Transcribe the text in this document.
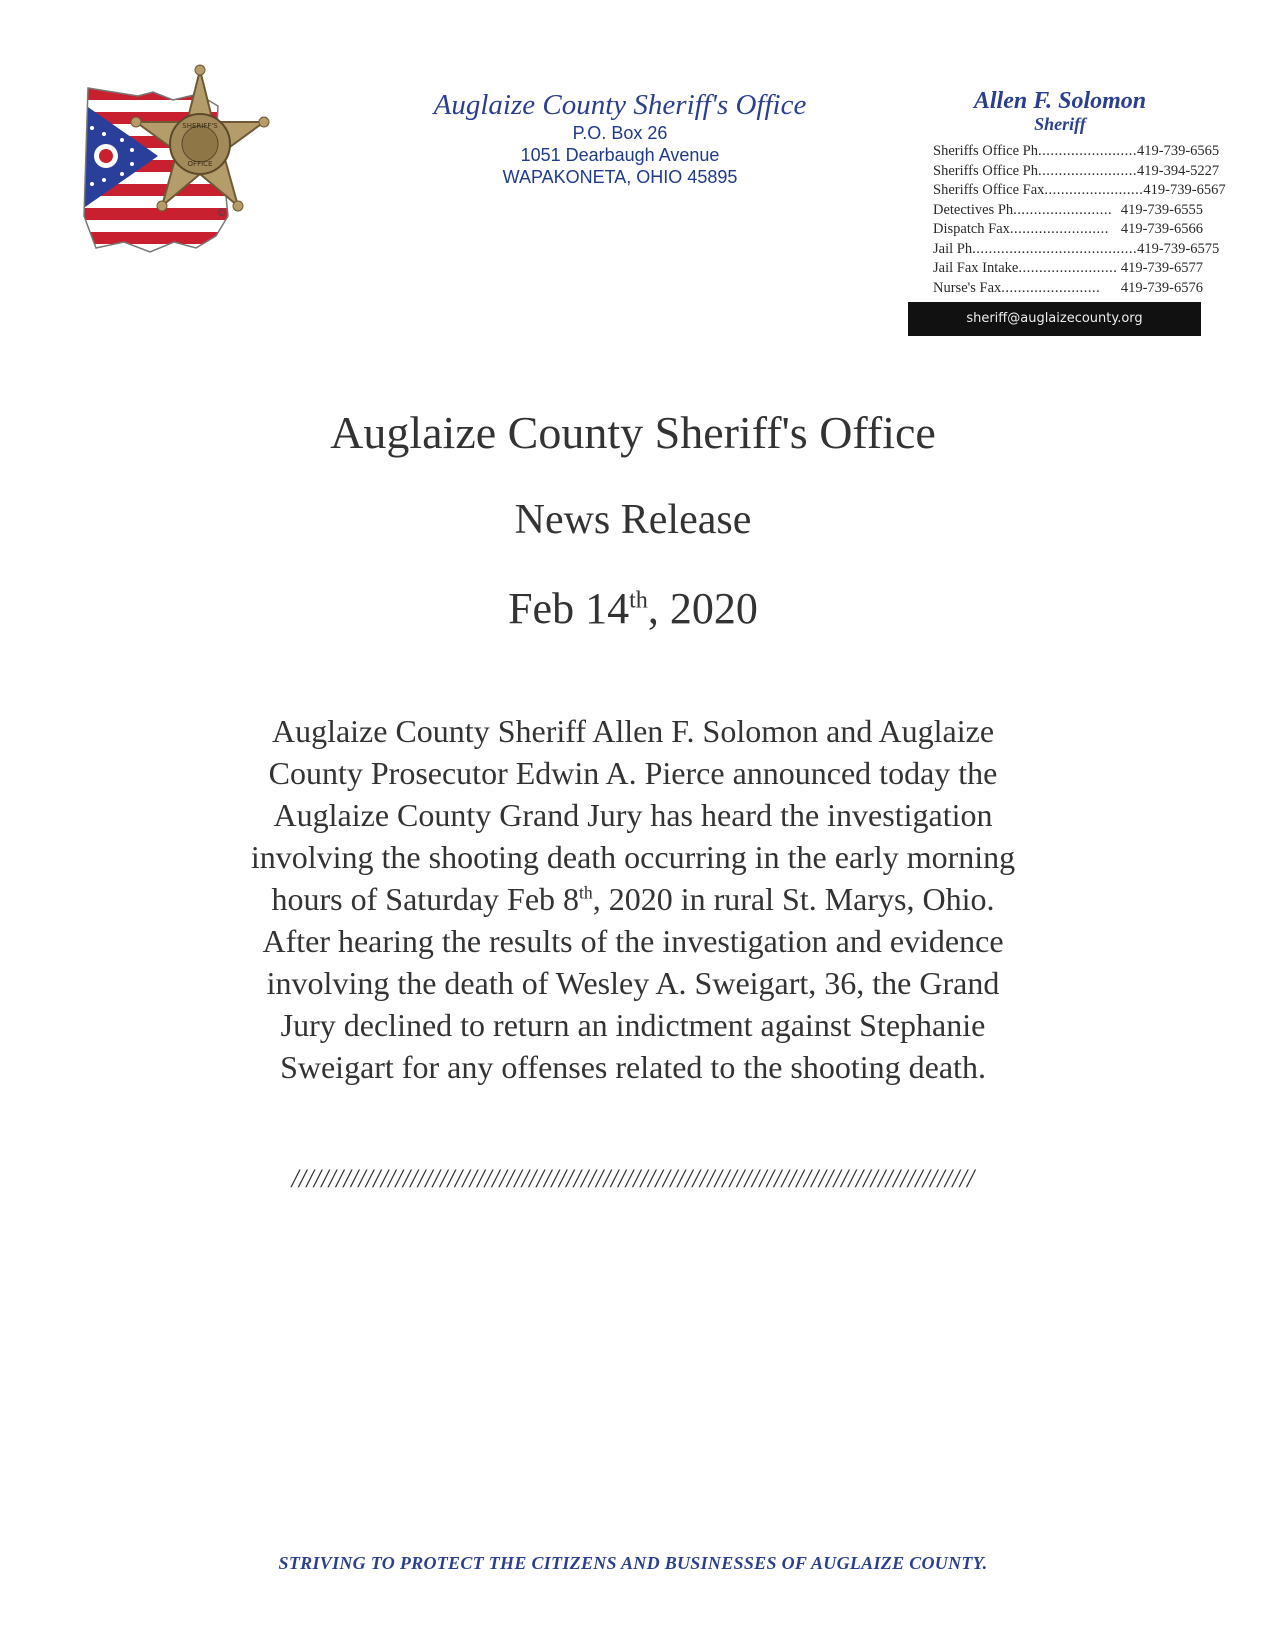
SHERIFF'S
OFFICE
©
Auglaize County Sheriff's Office
P.O. Box 26
1051 Dearbaugh Avenue
WAPAKONETA, OHIO 45895
Allen F. Solomon
Sheriff
Sheriffs Office Ph ........................ 419-739-6565
Sheriffs Office Ph ........................ 419-394-5227
Sheriffs Office Fax ........................ 419-739-6567
Detectives Ph ........................ 419-739-6555
Dispatch Fax ........................ 419-739-6566
Jail Ph ........................................ 419-739-6575
Jail Fax Intake ........................ 419-739-6577
Nurse's Fax ........................	419-739-6576
sheriff@auglaizecounty.org
Auglaize County Sheriff's Office
News Release
Feb 14th, 2020
Auglaize County Sheriff Allen F. Solomon and Auglaize
County Prosecutor Edwin A. Pierce announced today the
Auglaize County Grand Jury has heard the investigation
involving the shooting death occurring in the early morning
hours of Saturday Feb 8th, 2020 in rural St. Marys, Ohio.
After hearing the results of the investigation and evidence
involving the death of Wesley A. Sweigart, 36, the Grand
Jury declined to return an indictment against Stephanie
Sweigart for any offenses related to the shooting death.
////////////////////////////////////////////////////////////////////////////////////////////
STRIVING TO PROTECT THE CITIZENS AND BUSINESSES OF AUGLAIZE COUNTY.
